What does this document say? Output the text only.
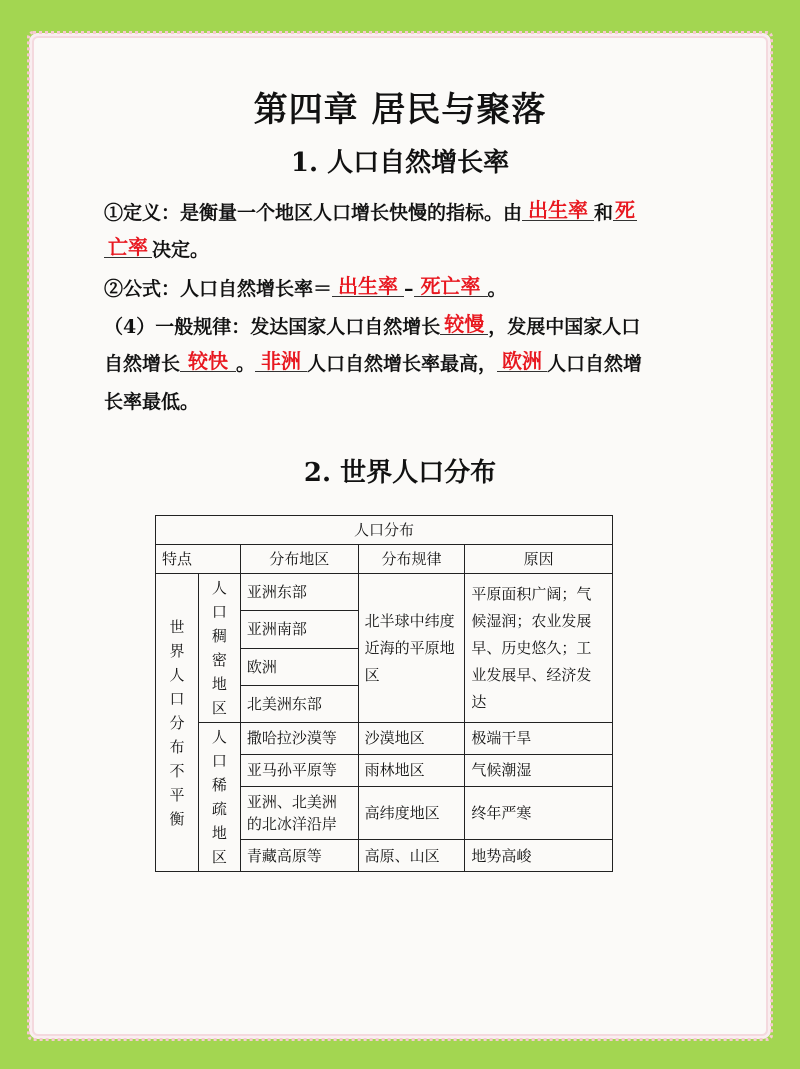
第四章 居民与聚落
1. 人口自然增长率
①定义：是衡量一个地区人口增长快慢的指标。由 出生率 和 死
亡率 决定。
②公式：人口自然增长率＝ 出生率 – 死亡率 。
（4）一般规律：发达国家人口自然增长 较慢 ，发展中国家人口
自然增长 较快 。 非洲 人口自然增长率最高， 欧洲 人口自然增
长率最低。
2. 世界人口分布
人口分布				
特点		分布地区	分布规律	原因
世界人口分布不平衡	人口稠密地区	亚洲东部	北半球中纬度近海的平原地区	平原面积广阔；气候湿润；农业发展早、历史悠久；工业发展早、经济发达
		亚洲南部		
		欧洲		
		北美洲东部		
	人口稀疏地区	撒哈拉沙漠等	沙漠地区	极端干旱
		亚马孙平原等	雨林地区	气候潮湿
		亚洲、北美洲的北冰洋沿岸	高纬度地区	终年严寒
		青藏高原等	高原、山区	地势高峻
